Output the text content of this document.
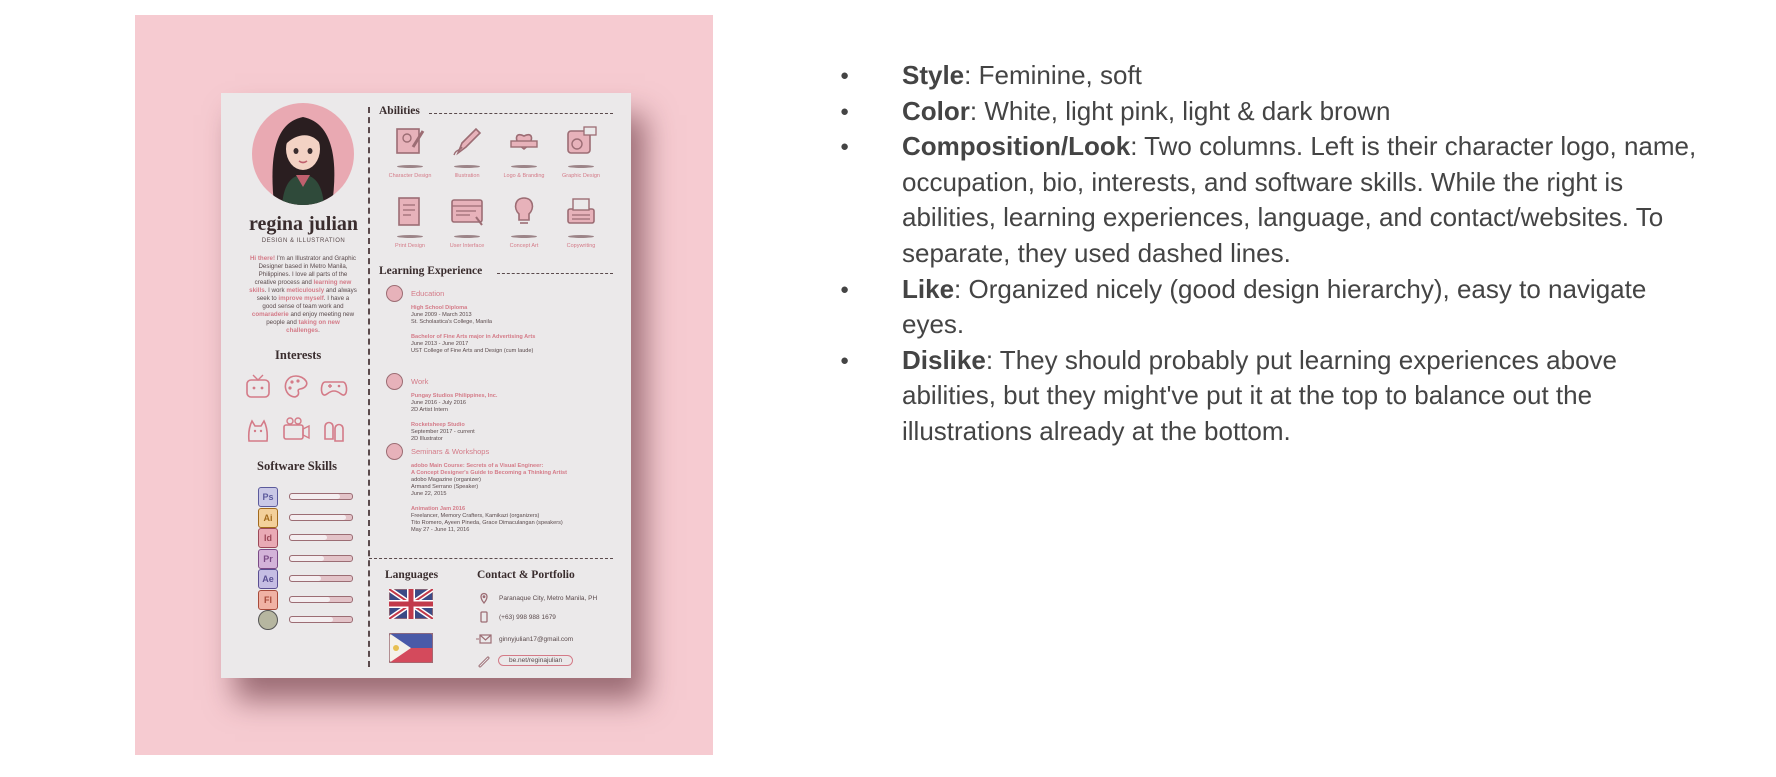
regina julian
DESIGN & ILLUSTRATION
Hi there! I'm an Illustrator and Graphic Designer based in Metro Manila, Philippines. I love all parts of the creative process and learning new skills. I work meticulously and always seek to improve myself. I have a good sense of team work and comaraderie and enjoy meeting new people and taking on new challenges.
Interests
Software Skills
Ps
Ai
Id
Pr
Ae
Fl
Abilities
Character Design	Illustration	Logo & Branding	Graphic Design
Print Design	User Interface	Concept Art	Copywriting
Learning Experience
Education
High School Diploma
June 2009 - March 2013
St. Scholastica's College, Manila
Bachelor of Fine Arts major in Advertising Arts
June 2013 - June 2017
UST College of Fine Arts and Design (cum laude)
Work
Pungay Studios Philippines, Inc.
June 2016 - July 2016
2D Artist Intern
Rocketsheep Studio
September 2017 - current
2D Illustrator
Seminars & Workshops
adobo Main Course: Secrets of a Visual Engineer:
A Concept Designer's Guide to Becoming a Thinking Artist
adobo Magazine (organizer)
Armand Serrano (Speaker)
June 22, 2015
Animation Jam 2016
Freelancer, Memory Crafters, Kamikazi (organizers)
Tito Romero, Ayeen Pineda, Grace Dimaculangan (speakers)
May 27 - June 11, 2016
Languages	Contact & Portfolio
Paranaque City, Metro Manila, PH
(+63) 998 988 1679
ginnyjulian17@gmail.com
be.net/reginajulian
● Style: Feminine, soft
● Color: White, light pink, light & dark brown
● Composition/Look: Two columns. Left is their character logo, name, occupation, bio, interests, and software skills. While the right is abilities, learning experiences, language, and contact/websites. To separate, they used dashed lines.
● Like: Organized nicely (good design hierarchy), easy to navigate eyes.
● Dislike: They should probably put learning experiences above abilities, but they might've put it at the top to balance out the illustrations already at the bottom.
